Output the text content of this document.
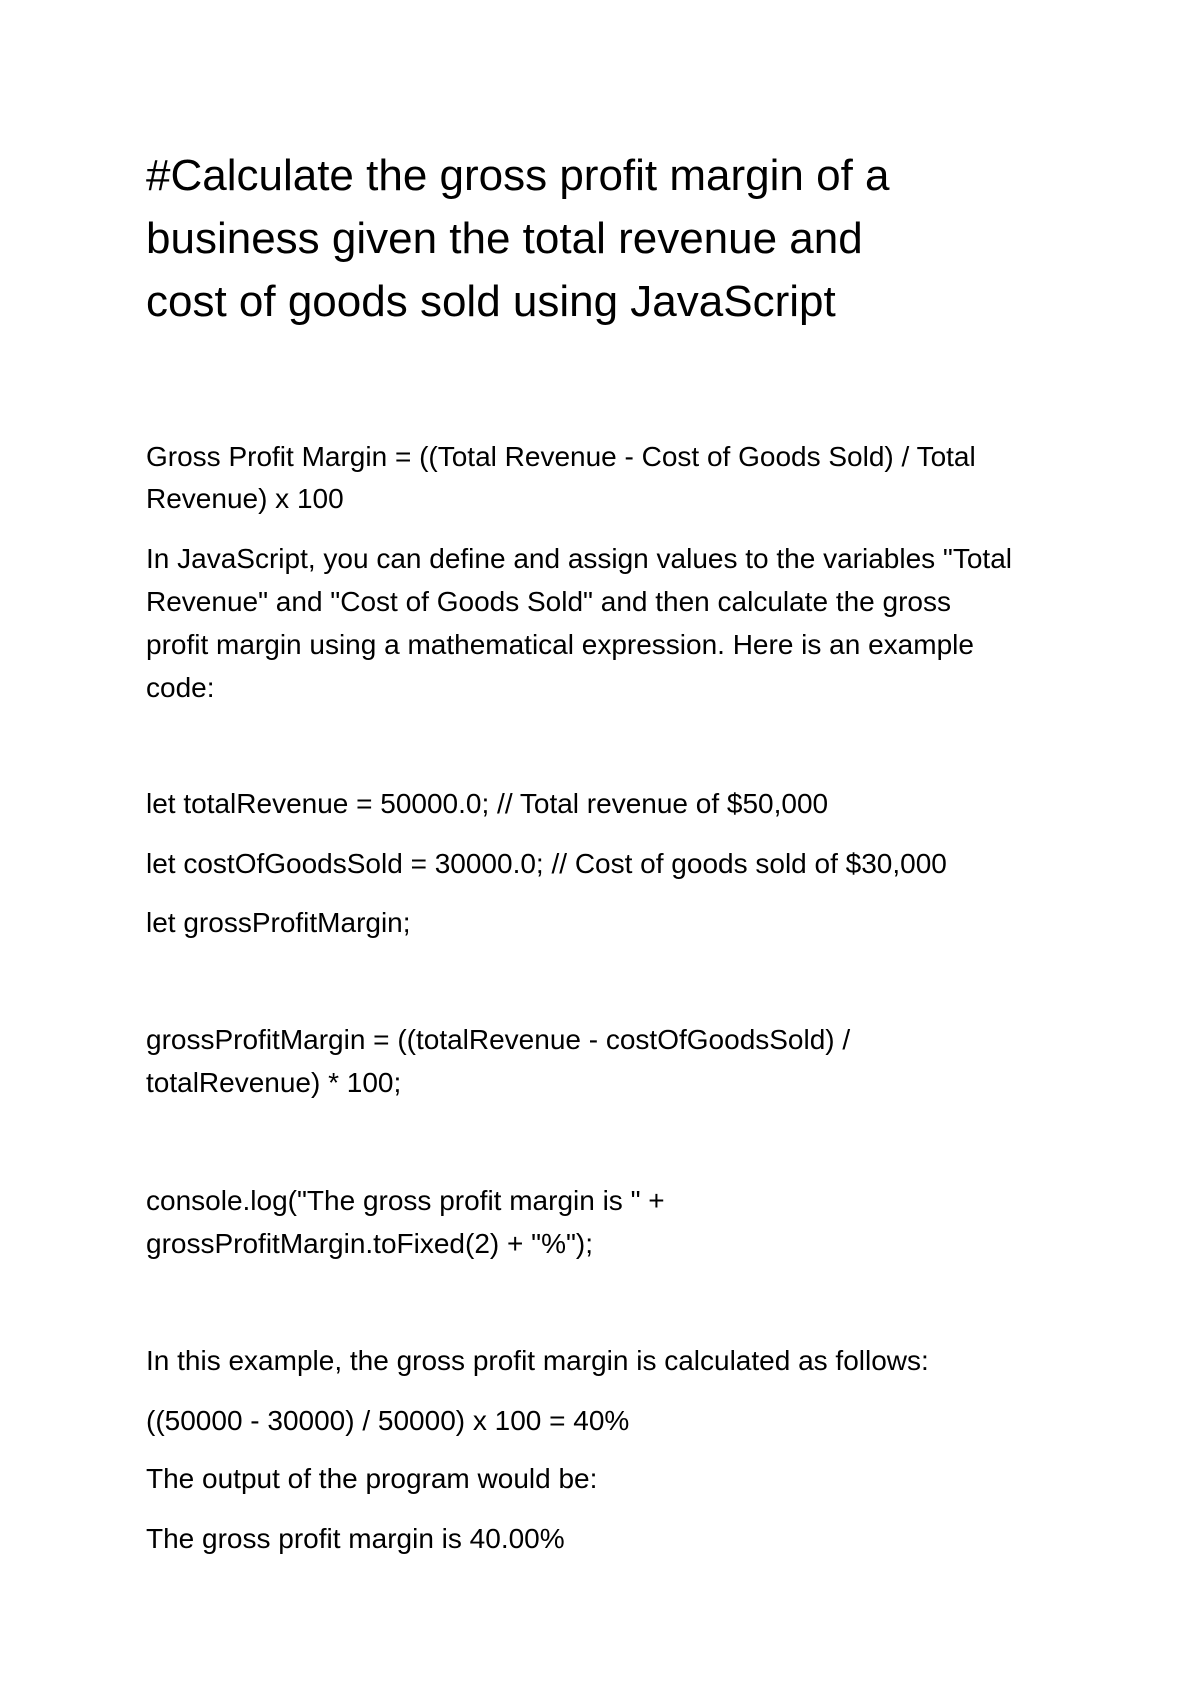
#Calculate the gross profit margin of a
business given the total revenue and
cost of goods sold using JavaScript
Gross Profit Margin = ((Total Revenue - Cost of Goods Sold) / Total
Revenue) x 100
In JavaScript, you can define and assign values to the variables "Total
Revenue" and "Cost of Goods Sold" and then calculate the gross
profit margin using a mathematical expression. Here is an example
code:
let totalRevenue = 50000.0; // Total revenue of $50,000
let costOfGoodsSold = 30000.0; // Cost of goods sold of $30,000
let grossProfitMargin;
grossProfitMargin = ((totalRevenue - costOfGoodsSold) /
totalRevenue) * 100;
console.log("The gross profit margin is " +
grossProfitMargin.toFixed(2) + "%");
In this example, the gross profit margin is calculated as follows:
((50000 - 30000) / 50000) x 100 = 40%
The output of the program would be:
The gross profit margin is 40.00%
